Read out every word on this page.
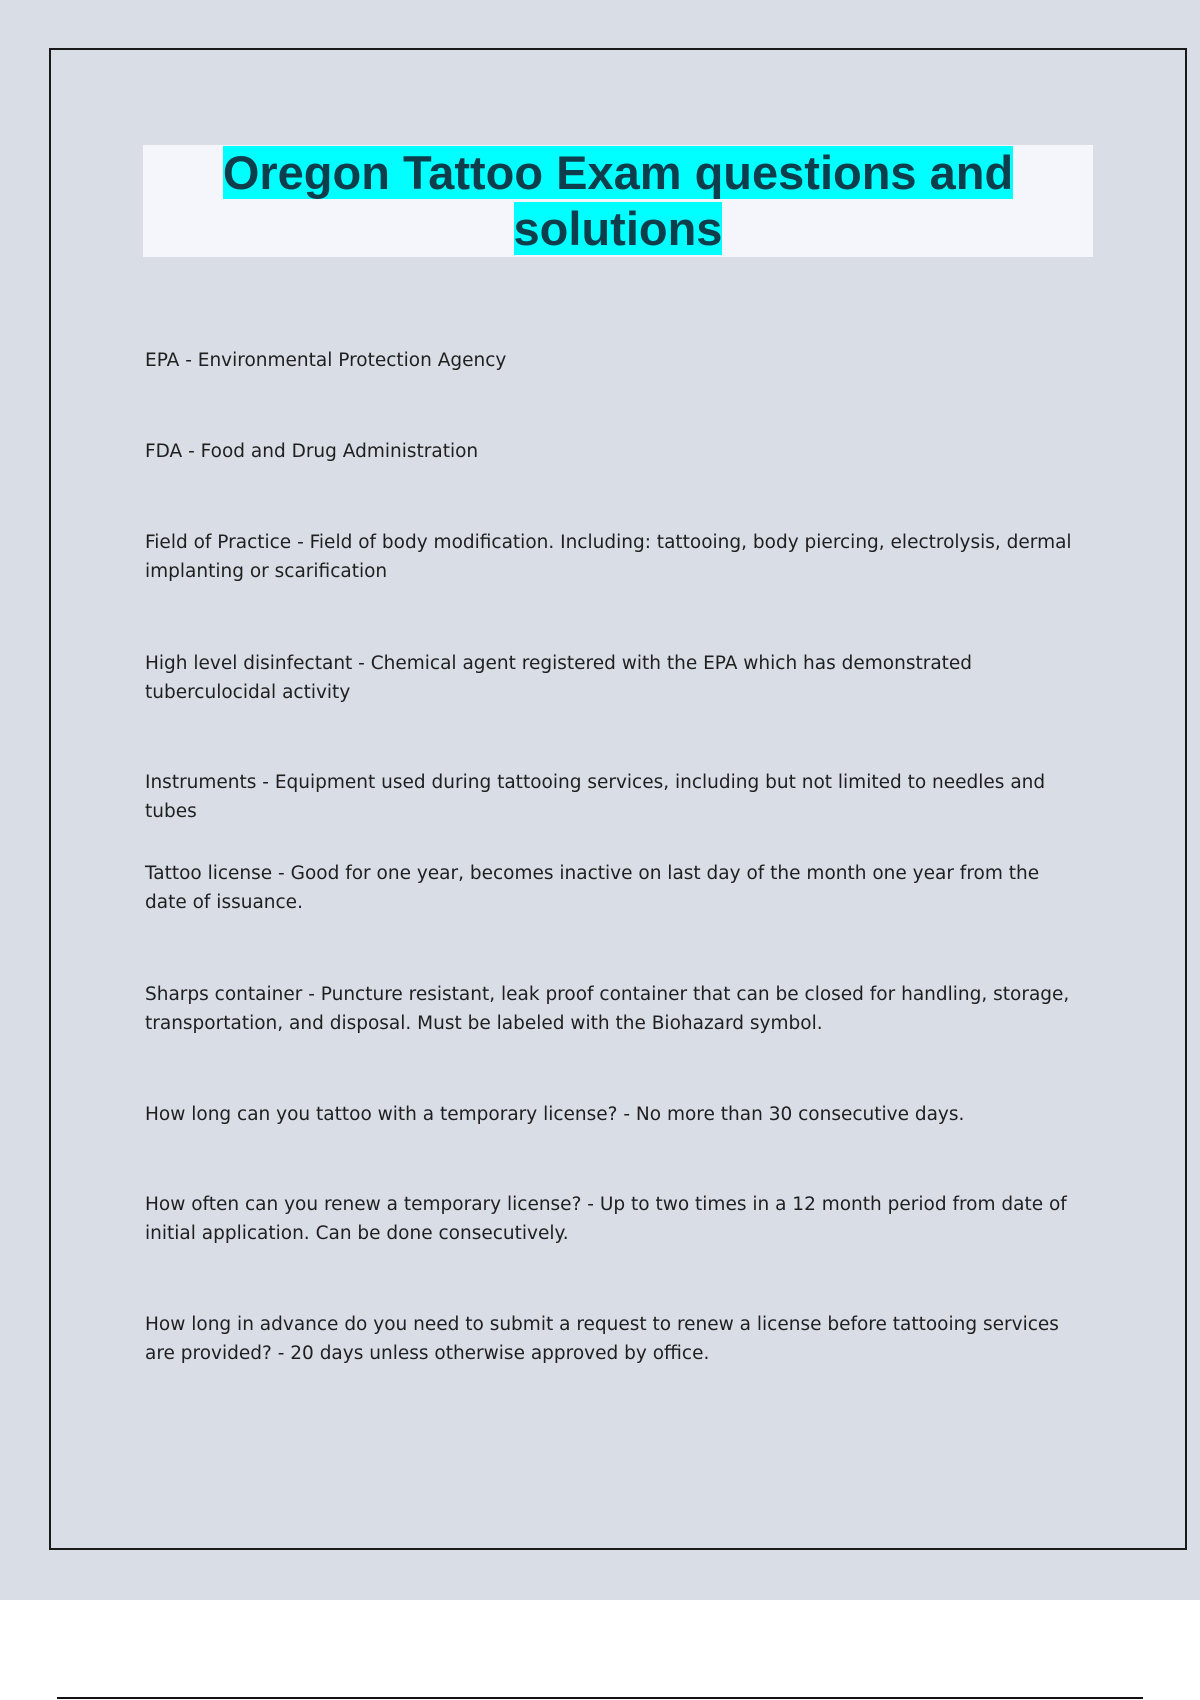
Oregon Tattoo Exam questions and solutions

EPA - Environmental Protection Agency

FDA - Food and Drug Administration

Field of Practice - Field of body modification. Including: tattooing, body piercing, electrolysis, dermal implanting or scarification

High level disinfectant - Chemical agent registered with the EPA which has demonstrated tuberculocidal activity

Instruments - Equipment used during tattooing services, including but not limited to needles and tubes

Tattoo license - Good for one year, becomes inactive on last day of the month one year from the date of issuance.

Sharps container - Puncture resistant, leak proof container that can be closed for handling, storage, transportation, and disposal. Must be labeled with the Biohazard symbol.

How long can you tattoo with a temporary license? - No more than 30 consecutive days.

How often can you renew a temporary license? - Up to two times in a 12 month period from date of initial application. Can be done consecutively.

How long in advance do you need to submit a request to renew a license before tattooing services are provided? - 20 days unless otherwise approved by office.
